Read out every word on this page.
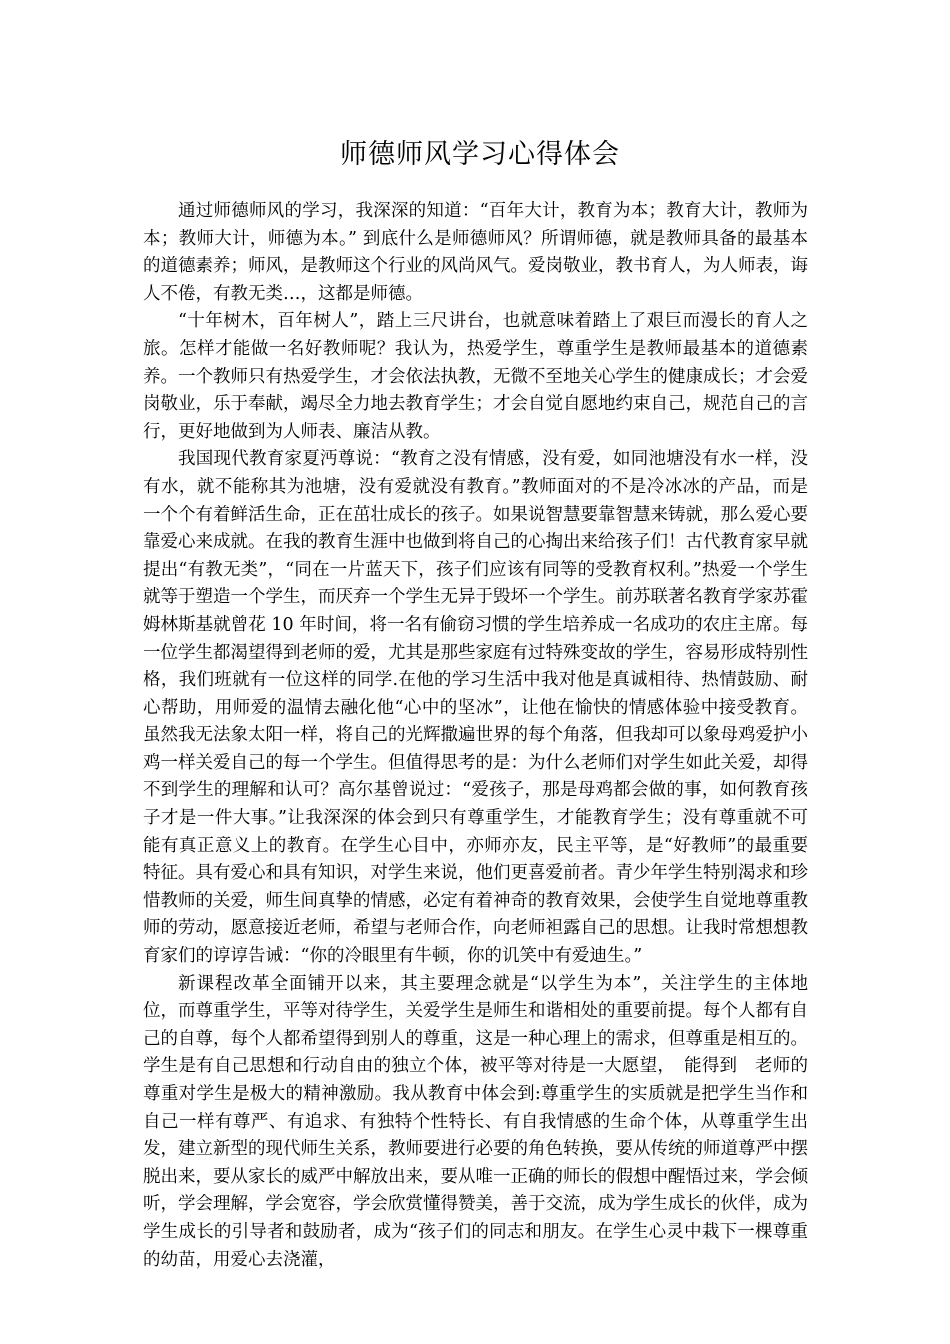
师德师风学习心得体会

通过师德师风的学习，我深深的知道：“百年大计，教育为本；教育大计，教师为本；教师大计，师德为本。” 到底什么是师德师风？所谓师德，就是教师具备的最基本的道德素养；师风，是教师这个行业的风尚风气。爱岗敬业，教书育人，为人师表，诲人不倦，有教无类…，这都是师德。

“十年树木，百年树人”，踏上三尺讲台，也就意味着踏上了艰巨而漫长的育人之旅。怎样才能做一名好教师呢？我认为，热爱学生，尊重学生是教师最基本的道德素养。一个教师只有热爱学生，才会依法执教，无微不至地关心学生的健康成长；才会爱岗敬业，乐于奉献，竭尽全力地去教育学生；才会自觉自愿地约束自己，规范自己的言行，更好地做到为人师表、廉洁从教。

我国现代教育家夏沔尊说：“教育之没有情感，没有爱，如同池塘没有水一样，没有水，就不能称其为池塘，没有爱就没有教育。”教师面对的不是冷冰冰的产品，而是一个个有着鲜活生命，正在茁壮成长的孩子。如果说智慧要靠智慧来铸就，那么爱心要靠爱心来成就。在我的教育生涯中也做到将自己的心掏出来给孩子们！古代教育家早就提出“有教无类”，“同在一片蓝天下，孩子们应该有同等的受教育权利。”热爱一个学生就等于塑造一个学生，而厌弃一个学生无异于毁坏一个学生。前苏联著名教育学家苏霍姆林斯基就曾花 10 年时间，将一名有偷窃习惯的学生培养成一名成功的农庄主席。每一位学生都渴望得到老师的爱，尤其是那些家庭有过特殊变故的学生，容易形成特别性格，我们班就有一位这样的同学.在他的学习生活中我对他是真诚相待、热情鼓励、耐心帮助，用师爱的温情去融化他“心中的坚冰”，让他在愉快的情感体验中接受教育。虽然我无法象太阳一样，将自己的光辉撒遍世界的每个角落，但我却可以象母鸡爱护小鸡一样关爱自己的每一个学生。但值得思考的是：为什么老师们对学生如此关爱，却得不到学生的理解和认可？高尔基曾说过：“爱孩子，那是母鸡都会做的事，如何教育孩子才是一件大事。”让我深深的体会到只有尊重学生，才能教育学生；没有尊重就不可能有真正意义上的教育。在学生心目中，亦师亦友，民主平等，是“好教师”的最重要特征。具有爱心和具有知识，对学生来说，他们更喜爱前者。青少年学生特别渴求和珍惜教师的关爱，师生间真挚的情感，必定有着神奇的教育效果，会使学生自觉地尊重教师的劳动，愿意接近老师，希望与老师合作，向老师袒露自己的思想。让我时常想想教育家们的谆谆告诫：“你的冷眼里有牛顿，你的讥笑中有爱迪生。”

新课程改革全面铺开以来，其主要理念就是“以学生为本”，关注学生的主体地位，而尊重学生，平等对待学生，关爱学生是师生和谐相处的重要前提。每个人都有自己的自尊，每个人都希望得到别人的尊重，这是一种心理上的需求，但尊重是相互的。学生是有自己思想和行动自由的独立个体，被平等对待是一大愿望，　能得到　老师的尊重对学生是极大的精神激励。我从教育中体会到:尊重学生的实质就是把学生当作和自己一样有尊严、有追求、有独特个性特长、有自我情感的生命个体，从尊重学生出发，建立新型的现代师生关系，教师要进行必要的角色转换，要从传统的师道尊严中摆脱出来，要从家长的威严中解放出来，要从唯一正确的师长的假想中醒悟过来，学会倾听，学会理解，学会宽容，学会欣赏懂得赞美，善于交流，成为学生成长的伙伴，成为学生成长的引导者和鼓励者，成为“孩子们的同志和朋友。在学生心灵中栽下一棵尊重的幼苗，用爱心去浇灌，
